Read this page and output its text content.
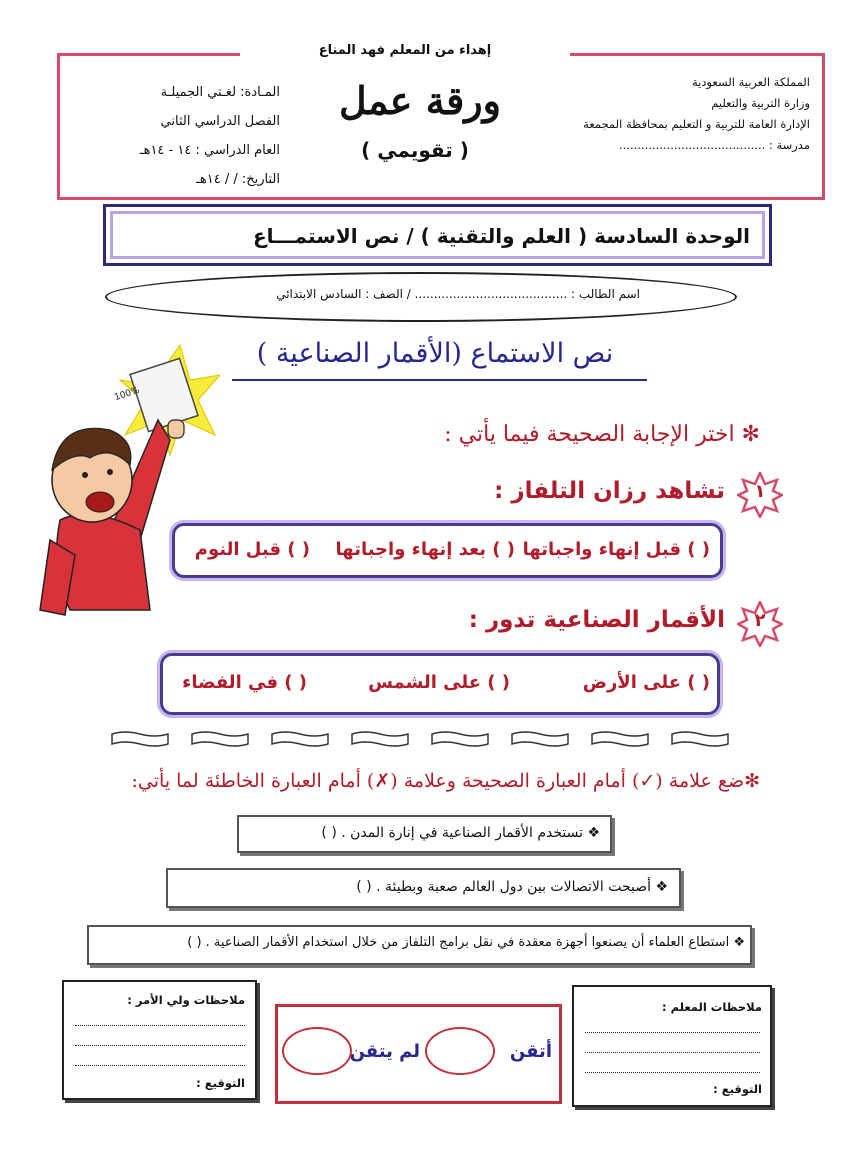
إهداء من المعلم فهد المناع
المملكة العربية السعودية
وزارة التربية والتعليم
الإدارة العامة للتربية و التعليم بمحافظة المجمعة
مدرسة : ........................................
ورقة عمل
( تقويمي )
المـادة: لغـتي الجميلـة
الفصل الدراسي الثاني
العام الدراسي : ١٤ - ١٤هـ
التاريخ: / / ١٤هـ
الوحدة السادسة ( العلم والتقنية ) / نص الاستمـــاع
اسم الطالب : ........................................ / الصف : السادس الابتدائي
نص الاستماع (الأقمار الصناعية )
100%
✻ اختر الإجابة الصحيحة فيما يأتي :
١
تشاهد رزان التلفاز :
( ) قبل إنهاء واجباتها
( ) بعد إنهاء واجباتها
( ) قبل النوم
٢
الأقمار الصناعية تدور :
( ) على الأرض
( ) على الشمس
( ) في الفضاء
✻ضع علامة (✓) أمام العبارة الصحيحة وعلامة (✗) أمام العبارة الخاطئة لما يأتي:
❖ تستخدم الأقمار الصناعية في إنارة المدن . ( )
❖ أصبحت الاتصالات بين دول العالم صعبة وبطيئة . ( )
❖ استطاع العلماء أن يصنعوا أجهزة معقدة في نقل برامج التلفاز من خلال استخدام الأقمار الصناعية . ( )
ملاحظات ولي الأمر :
التوقيع :
أتقن
لم يتقن
ملاحظات المعلم :
التوقيع :
